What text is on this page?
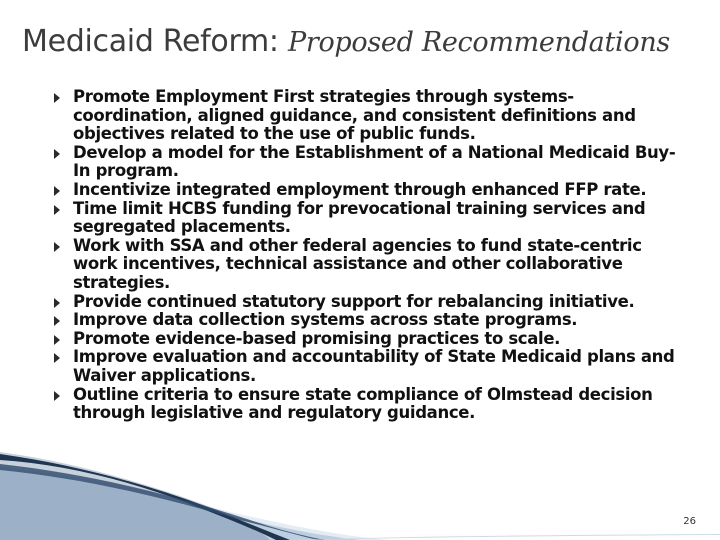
Medicaid Reform: Proposed Recommendations
Promote Employment First strategies through systems-coordination, aligned guidance, and consistent definitions and objectives related to the use of public funds.
Develop a model for the Establishment of a National Medicaid Buy-In program.
Incentivize integrated employment through enhanced FFP rate.
Time limit HCBS funding for prevocational training services and segregated placements.
Work with SSA and other federal agencies to fund state-centric work incentives, technical assistance and other collaborative strategies.
Provide continued statutory support for rebalancing initiative.
Improve data collection systems across state programs.
Promote evidence-based promising practices to scale.
Improve evaluation and accountability of State Medicaid plans and Waiver applications.
Outline criteria to ensure state compliance of Olmstead decision through legislative and regulatory guidance.
26
